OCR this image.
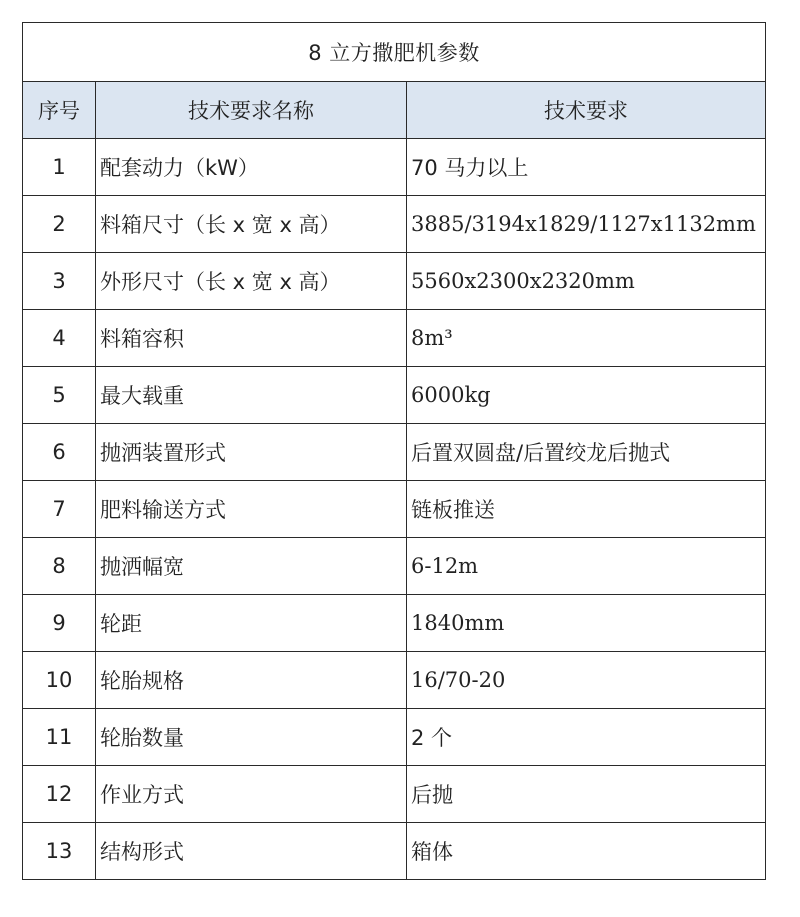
8 立方撒肥机参数		
序号	技术要求名称	技术要求
1	配套动力（kW）	70 马力以上
2	料箱尺寸（长 x 宽 x 高）	3885/3194x1829/1127x1132mm
3	外形尺寸（长 x 宽 x 高）	5560x2300x2320mm
4	料箱容积	8m³
5	最大载重	6000kg
6	抛洒装置形式	后置双圆盘/后置绞龙后抛式
7	肥料输送方式	链板推送
8	抛洒幅宽	6-12m
9	轮距	1840mm
10	轮胎规格	16/70-20
11	轮胎数量	2 个
12	作业方式	后抛
13	结构形式	箱体
